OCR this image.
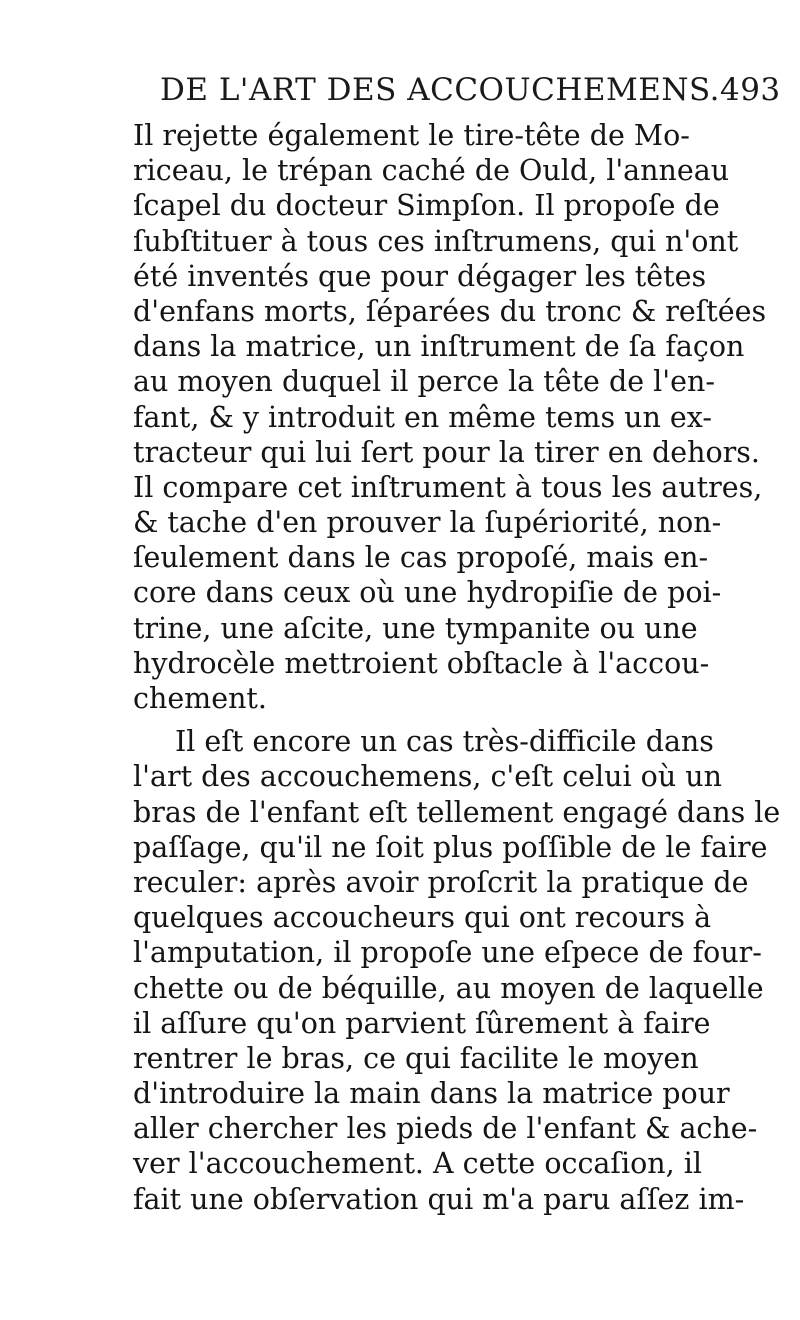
DE L'ART DES ACCOUCHEMENS. 493
Il rejette également le tire-tête de Mo-
riceau, le trépan caché de Ould, l'anneau
ſcapel du docteur Simpſon. Il propoſe de
ſubſtituer à tous ces inſtrumens, qui n'ont
été inventés que pour dégager les têtes
d'enfans morts, ſéparées du tronc & reſtées
dans la matrice, un inſtrument de ſa façon
au moyen duquel il perce la tête de l'en-
fant, & y introduit en même tems un ex-
tracteur qui lui ſert pour la tirer en dehors.
Il compare cet inſtrument à tous les autres,
& tache d'en prouver la ſupériorité, non-
ſeulement dans le cas propoſé, mais en-
core dans ceux où une hydropiſie de poi-
trine, une aſcite, une tympanite ou une
hydrocèle mettroient obſtacle à l'accou-
chement.
Il eſt encore un cas très-difficile dans
l'art des accouchemens, c'eſt celui où un
bras de l'enfant eſt tellement engagé dans le
paſſage, qu'il ne ſoit plus poſſible de le faire
reculer: après avoir proſcrit la pratique de
quelques accoucheurs qui ont recours à
l'amputation, il propoſe une eſpece de four-
chette ou de béquille, au moyen de laquelle
il aſſure qu'on parvient ſûrement à faire
rentrer le bras, ce qui facilite le moyen
d'introduire la main dans la matrice pour
aller chercher les pieds de l'enfant & ache-
ver l'accouchement. A cette occaſion, il
fait une obſervation qui m'a paru aſſez im-
